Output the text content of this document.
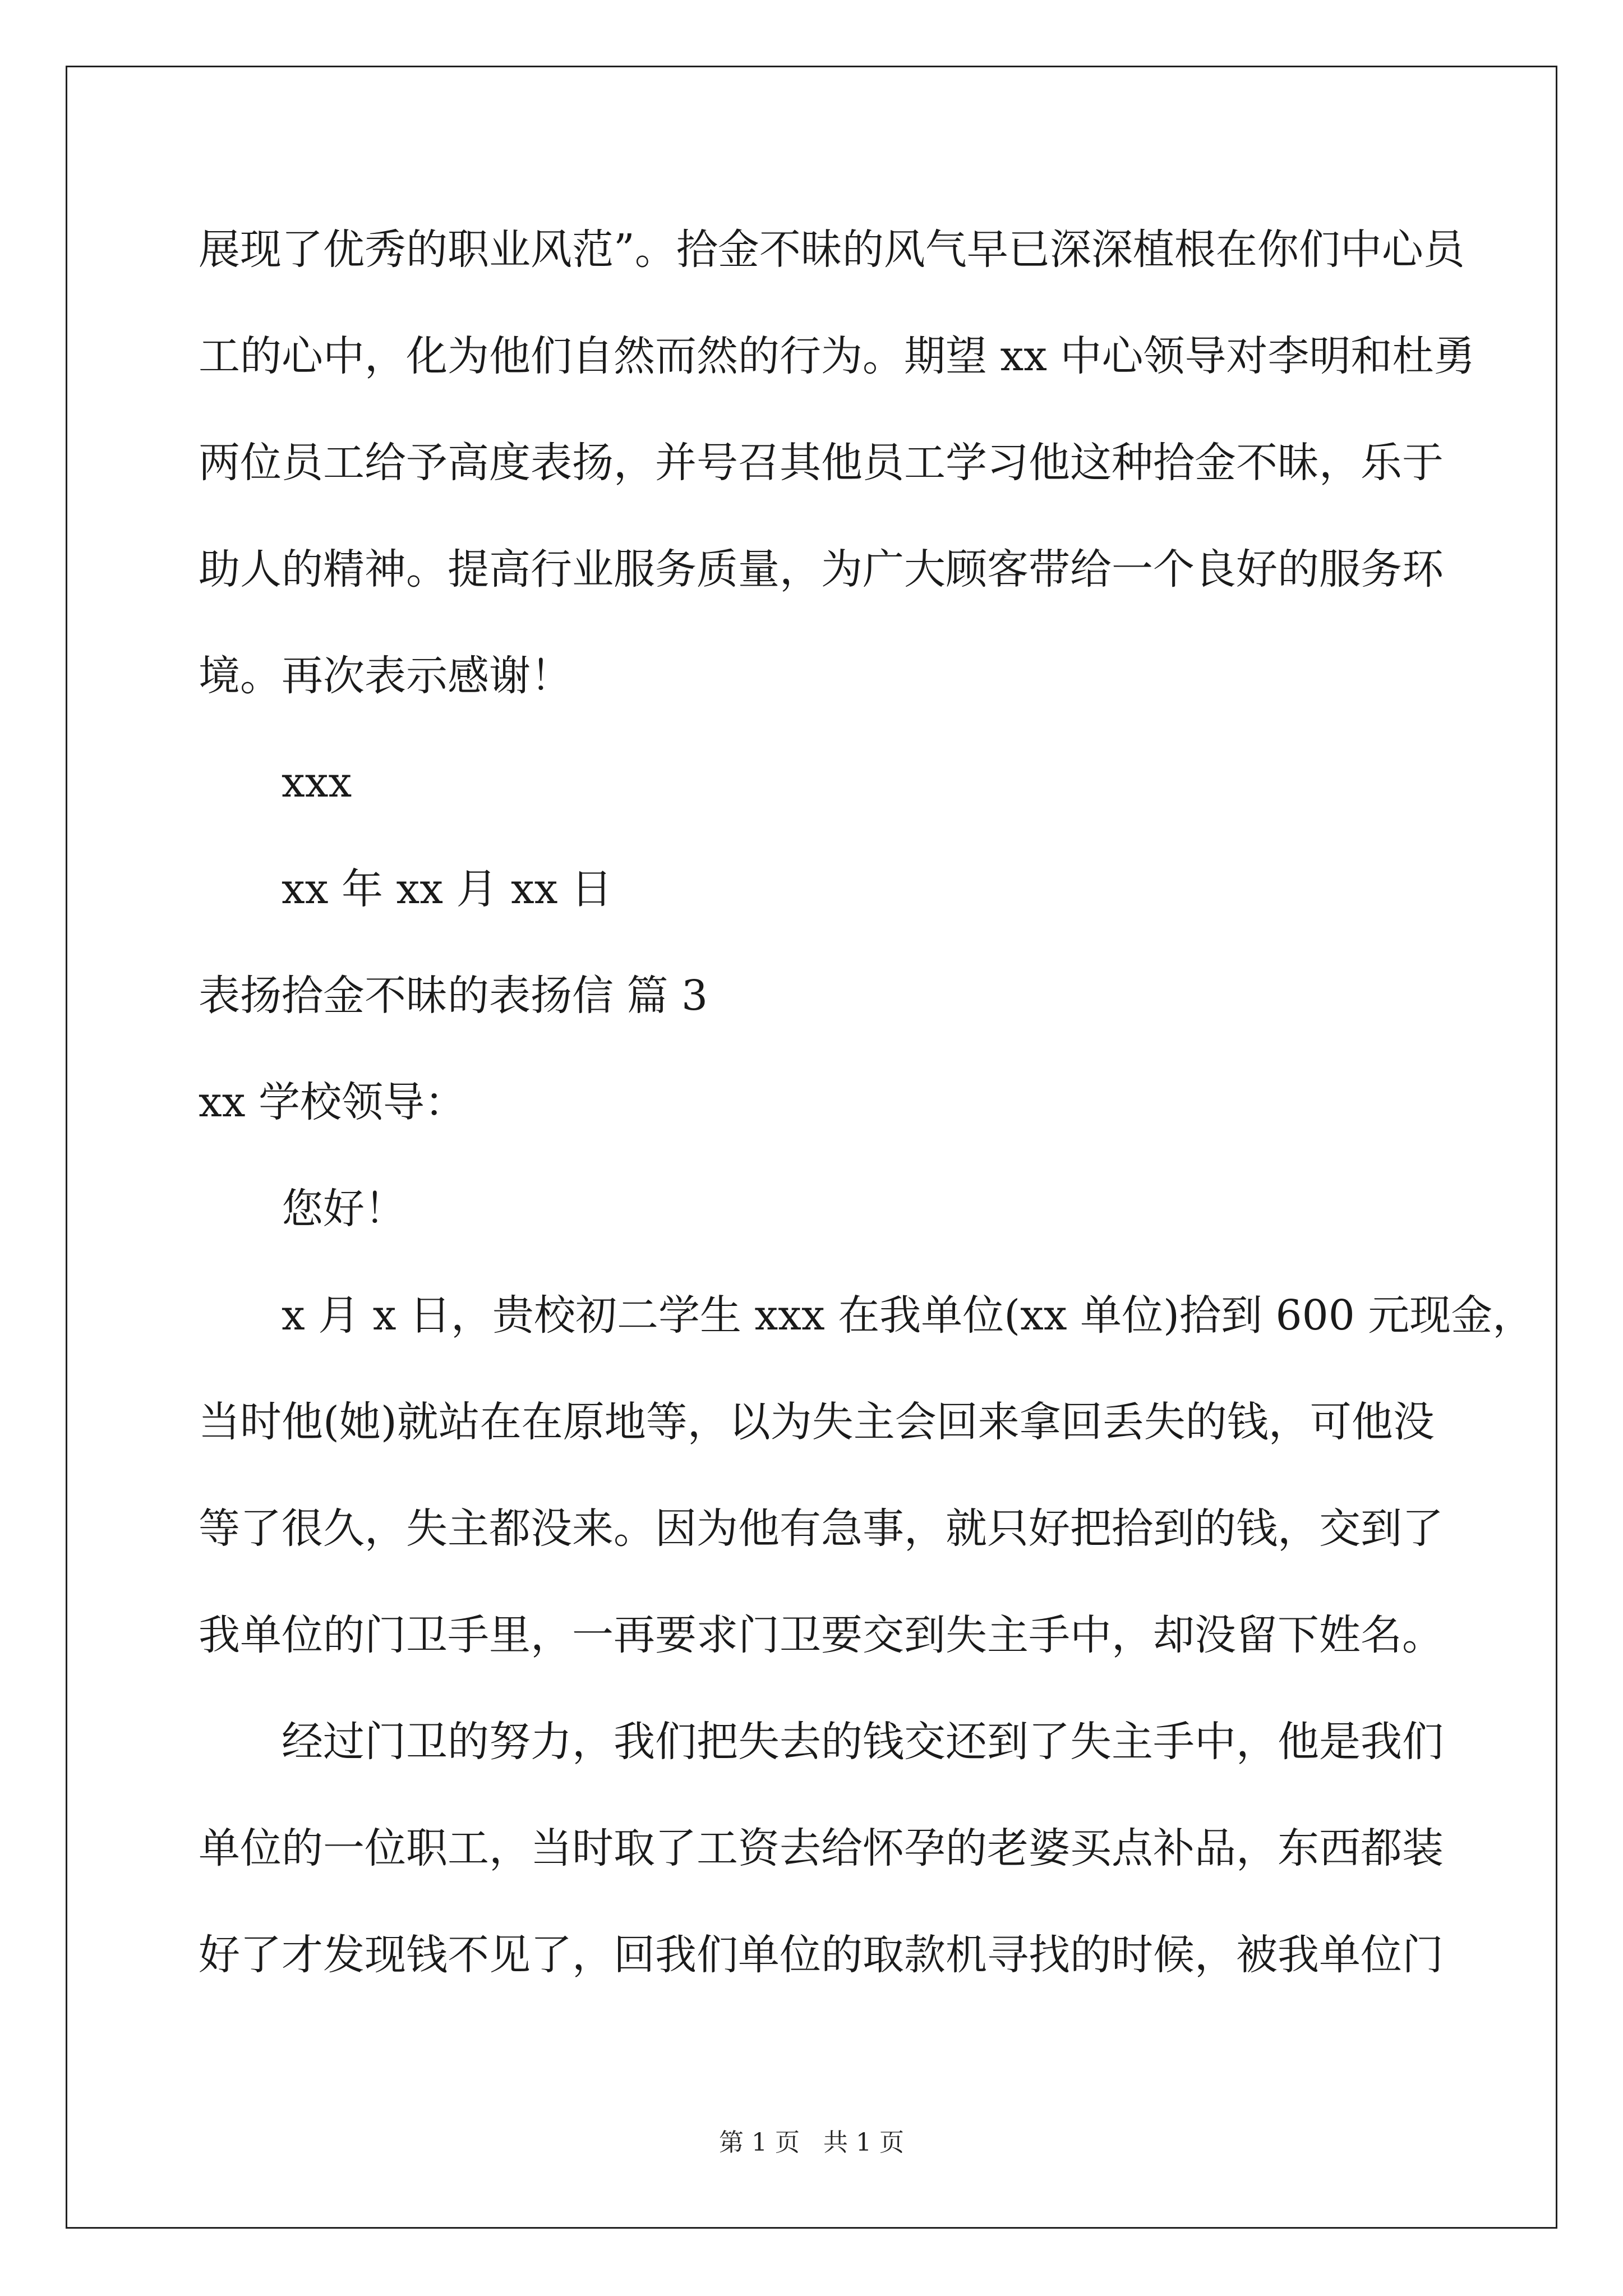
展现了优秀的职业风范”。拾金不昧的风气早已深深植根在你们中心员
工的心中，化为他们自然而然的行为。期望 xx 中心领导对李明和杜勇
两位员工给予高度表扬，并号召其他员工学习他这种拾金不昧，乐于
助人的精神。提高行业服务质量，为广大顾客带给一个良好的服务环
境。再次表示感谢！
xxx
xx 年 xx 月 xx 日
表扬拾金不昧的表扬信 篇 3
xx 学校领导：
您好！
x 月 x 日，贵校初二学生 xxx 在我单位(xx 单位)拾到 600 元现金，
当时他(她)就站在在原地等，以为失主会回来拿回丢失的钱，可他没
等了很久，失主都没来。因为他有急事，就只好把拾到的钱，交到了
我单位的门卫手里，一再要求门卫要交到失主手中，却没留下姓名。
经过门卫的努力，我们把失去的钱交还到了失主手中，他是我们
单位的一位职工，当时取了工资去给怀孕的老婆买点补品，东西都装
好了才发现钱不见了，回我们单位的取款机寻找的时候，被我单位门
第 1 页   共 1 页
